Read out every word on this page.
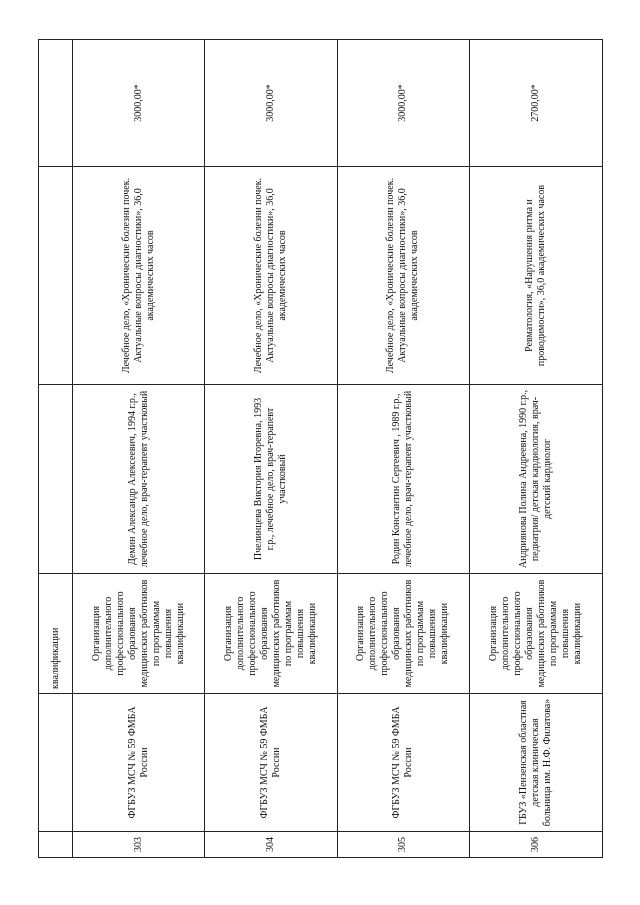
		квалификации			
303	ФГБУЗ МСЧ № 59 ФМБА России	Организация дополнительного профессионального образования медицинских работников по программам повышения квалификации	Демин Александр Алексеевич, 1994 г.р., лечебное дело, врач-терапевт участковый	Лечебное дело, «Хронические болезни почек. Актуальные вопросы диагностики», 36,0 академических часов	3000,00*
304	ФГБУЗ МСЧ № 59 ФМБА России	Организация дополнительного профессионального образования медицинских работников по программам повышения квалификации	Пчелинцева Виктория Игоревна, 1993 г.р., лечебное дело, врач-терапевт участковый	Лечебное дело, «Хронические болезни почек. Актуальные вопросы диагностики», 36,0 академических часов	3000,00*
305	ФГБУЗ МСЧ № 59 ФМБА России	Организация дополнительного профессионального образования медицинских работников по программам повышения квалификации	Родин Константин Сергеевич , 1989 г.р., лечебное дело, врач-терапевт участковый	Лечебное дело, «Хронические болезни почек. Актуальные вопросы диагностики», 36,0 академических часов	3000,00*
306	ГБУЗ «Пензенская областная детская клиническая больница им. Н.Ф. Филатова»	Организация дополнительного профессионального образования медицинских работников по программам повышения квалификации	Андриянова Полина Андреевна, 1990 г.р., педиатрия/ детская кардиология, врач-детский кардиолог	Ревматология, «Нарушения ритма и проводимости», 36,0 академических часов	2700,00*
